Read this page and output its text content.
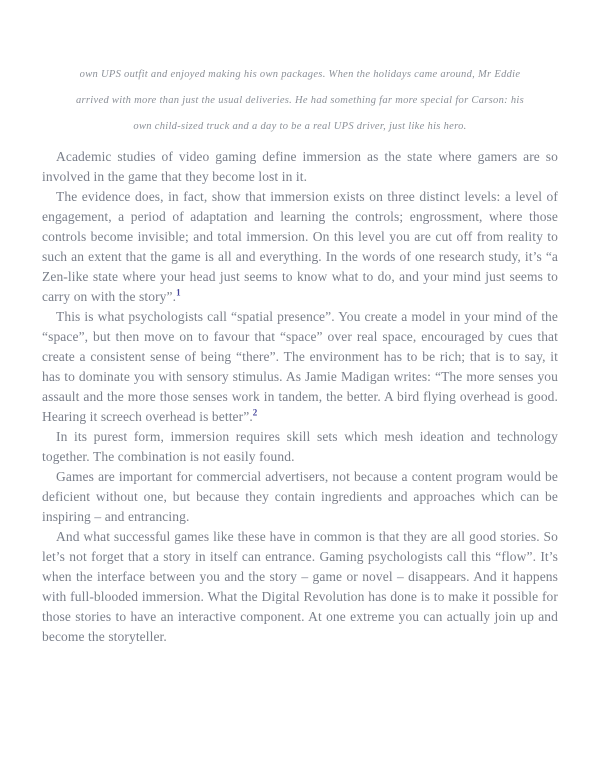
own UPS outfit and enjoyed making his own packages. When the holidays came around, Mr Eddie arrived with more than just the usual deliveries. He had something far more special for Carson: his own child-sized truck and a day to be a real UPS driver, just like his hero.

Academic studies of video gaming define immersion as the state where gamers are so involved in the game that they become lost in it.

The evidence does, in fact, show that immersion exists on three distinct levels: a level of engagement, a period of adaptation and learning the controls; engrossment, where those controls become invisible; and total immersion. On this level you are cut off from reality to such an extent that the game is all and everything. In the words of one research study, it’s “a Zen-like state where your head just seems to know what to do, and your mind just seems to carry on with the story”.$^1$

This is what psychologists call “spatial presence”. You create a model in your mind of the “space”, but then move on to favour that “space” over real space, encouraged by cues that create a consistent sense of being “there”. The environment has to be rich; that is to say, it has to dominate you with sensory stimulus. As Jamie Madigan writes: “The more senses you assault and the more those senses work in tandem, the better. A bird flying overhead is good. Hearing it screech overhead is better”.$^2$

In its purest form, immersion requires skill sets which mesh ideation and technology together. The combination is not easily found.

Games are important for commercial advertisers, not because a content program would be deficient without one, but because they contain ingredients and approaches which can be inspiring – and entrancing.

And what successful games like these have in common is that they are all good stories. So let’s not forget that a story in itself can entrance. Gaming psychologists call this “flow”. It’s when the interface between you and the story – game or novel – disappears. And it happens with full-blooded immersion. What the Digital Revolution has done is to make it possible for those stories to have an interactive component. At one extreme you can actually join up and become the storyteller.
